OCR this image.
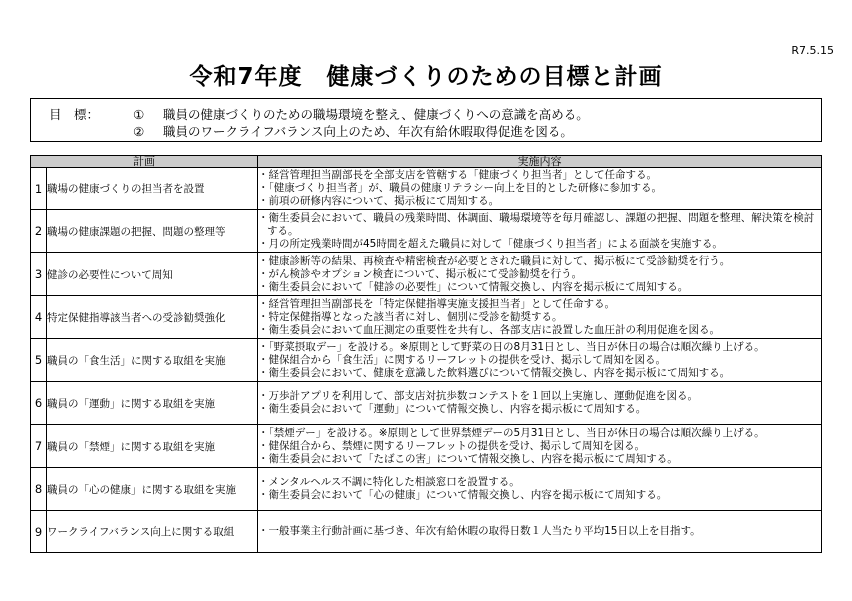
R7.5.15
令和7年度　健康づくりのための目標と計画
目　標：	① 職員の健康づくりのための職場環境を整え、健康づくりへの意識を高める。
② 職員のワークライフバランス向上のため、年次有給休暇取得促進を図る。
計画		実施内容
1	職場の健康づくりの担当者を設置	・経営管理担当副部長を全部支店を管轄する「健康づくり担当者」として任命する。
・「健康づくり担当者」が、職員の健康リテラシー向上を目的とした研修に参加する。
・前項の研修内容について、掲示板にて周知する。

2	職場の健康課題の把握、問題の整理等	・衛生委員会において、職員の残業時間、体調面、職場環境等を毎月確認し、課題の把握、問題を整理、解決策を検討する。
・月の所定残業時間が45時間を超えた職員に対して「健康づくり担当者」による面談を実施する。

3	健診の必要性について周知	・健康診断等の結果、再検査や精密検査が必要とされた職員に対して、掲示板にて受診勧奨を行う。
・がん検診やオプション検査について、掲示板にて受診勧奨を行う。
・衛生委員会において「健診の必要性」について情報交換し、内容を掲示板にて周知する。

4	特定保健指導該当者への受診勧奨強化	・経営管理担当副部長を「特定保健指導実施支援担当者」として任命する。
・特定保健指導となった該当者に対し、個別に受診を勧奨する。
・衛生委員会において血圧測定の重要性を共有し、各部支店に設置した血圧計の利用促進を図る。

5	職員の「食生活」に関する取組を実施	・「野菜摂取デー」を設ける。※原則として野菜の日の8月31日とし、当日が休日の場合は順次繰り上げる。
・健保組合から「食生活」に関するリーフレットの提供を受け、掲示して周知を図る。
・衛生委員会において、健康を意識した飲料選びについて情報交換し、内容を掲示板にて周知する。

6	職員の「運動」に関する取組を実施	・万歩計アプリを利用して、部支店対抗歩数コンテストを１回以上実施し、運動促進を図る。
・衛生委員会において「運動」について情報交換し、内容を掲示板にて周知する。

7	職員の「禁煙」に関する取組を実施	・「禁煙デー」を設ける。※原則として世界禁煙デーの5月31日とし、当日が休日の場合は順次繰り上げる。
・健保組合から、禁煙に関するリーフレットの提供を受け、掲示して周知を図る。
・衛生委員会において「たばこの害」について情報交換し、内容を掲示板にて周知する。

8	職員の「心の健康」に関する取組を実施	・メンタルヘルス不調に特化した相談窓口を設置する。
・衛生委員会において「心の健康」について情報交換し、内容を掲示板にて周知する。

9	ワークライフバランス向上に関する取組	・一般事業主行動計画に基づき、年次有給休暇の取得日数１人当たり平均15日以上を目指す。
